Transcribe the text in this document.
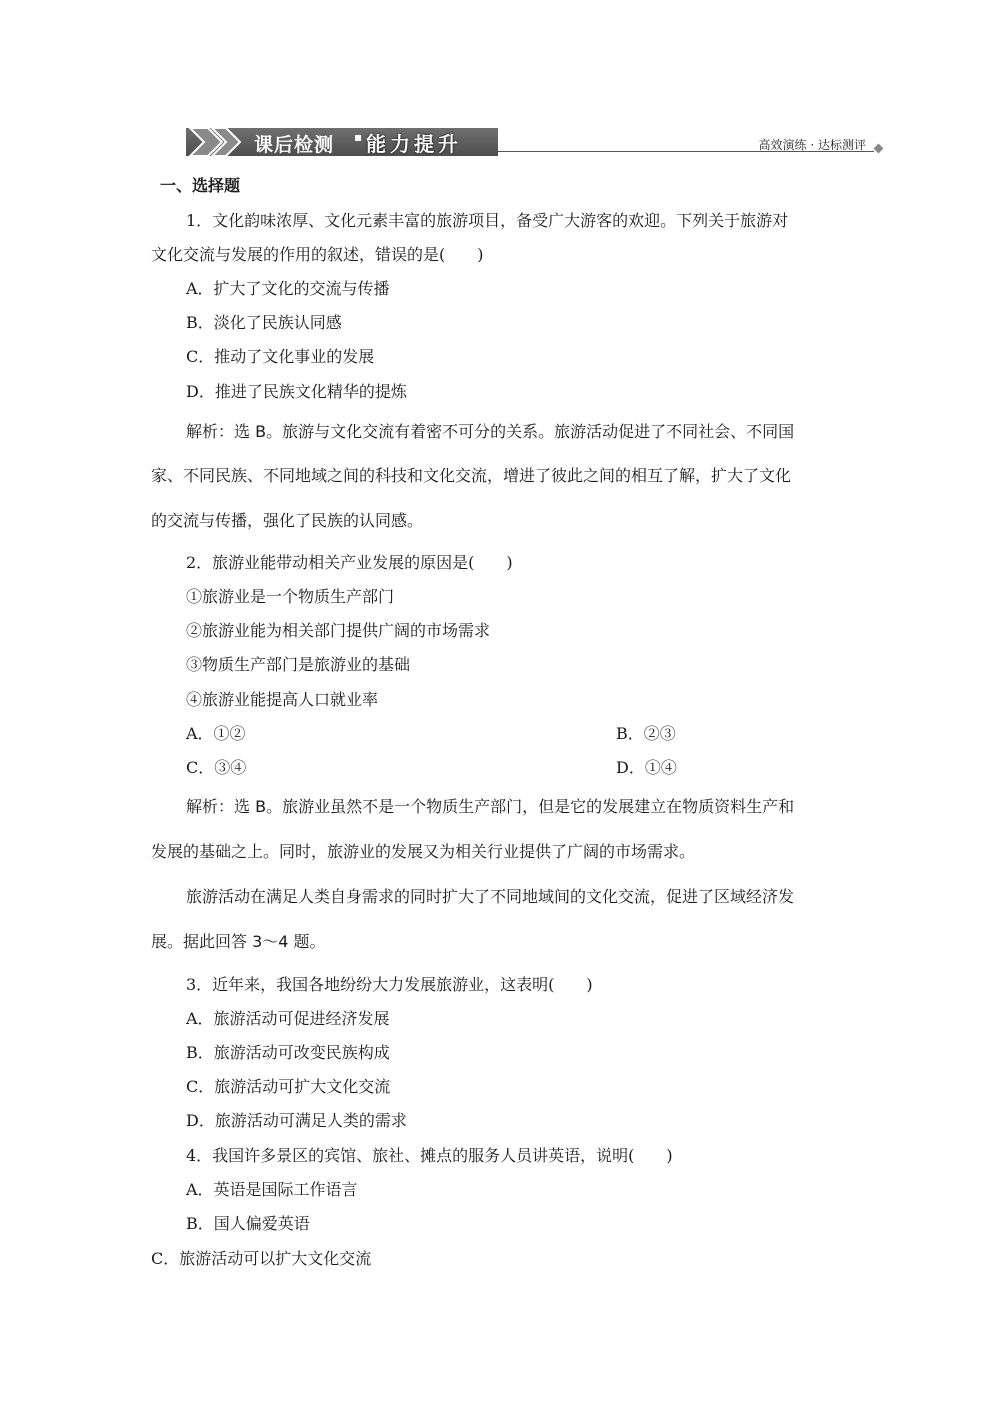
课后检测 ▪ 能力提升	高效演练 · 达标测评
一、选择题
1．文化韵味浓厚、文化元素丰富的旅游项目，备受广大游客的欢迎。下列关于旅游对
文化交流与发展的作用的叙述，错误的是(　　)
A．扩大了文化的交流与传播
B．淡化了民族认同感
C．推动了文化事业的发展
D．推进了民族文化精华的提炼
解析：选 B。旅游与文化交流有着密不可分的关系。旅游活动促进了不同社会、不同国
家、不同民族、不同地域之间的科技和文化交流，增进了彼此之间的相互了解，扩大了文化
的交流与传播，强化了民族的认同感。
2．旅游业能带动相关产业发展的原因是(　　)
①旅游业是一个物质生产部门
②旅游业能为相关部门提供广阔的市场需求
③物质生产部门是旅游业的基础
④旅游业能提高人口就业率
A．①②	B．②③
C．③④	D．①④
解析：选 B。旅游业虽然不是一个物质生产部门，但是它的发展建立在物质资料生产和
发展的基础之上。同时，旅游业的发展又为相关行业提供了广阔的市场需求。
旅游活动在满足人类自身需求的同时扩大了不同地域间的文化交流，促进了区域经济发
展。据此回答 3～4 题。
3．近年来，我国各地纷纷大力发展旅游业，这表明(　　)
A．旅游活动可促进经济发展
B．旅游活动可改变民族构成
C．旅游活动可扩大文化交流
D．旅游活动可满足人类的需求
4．我国许多景区的宾馆、旅社、摊点的服务人员讲英语，说明(　　)
A．英语是国际工作语言
B．国人偏爱英语
C．旅游活动可以扩大文化交流
